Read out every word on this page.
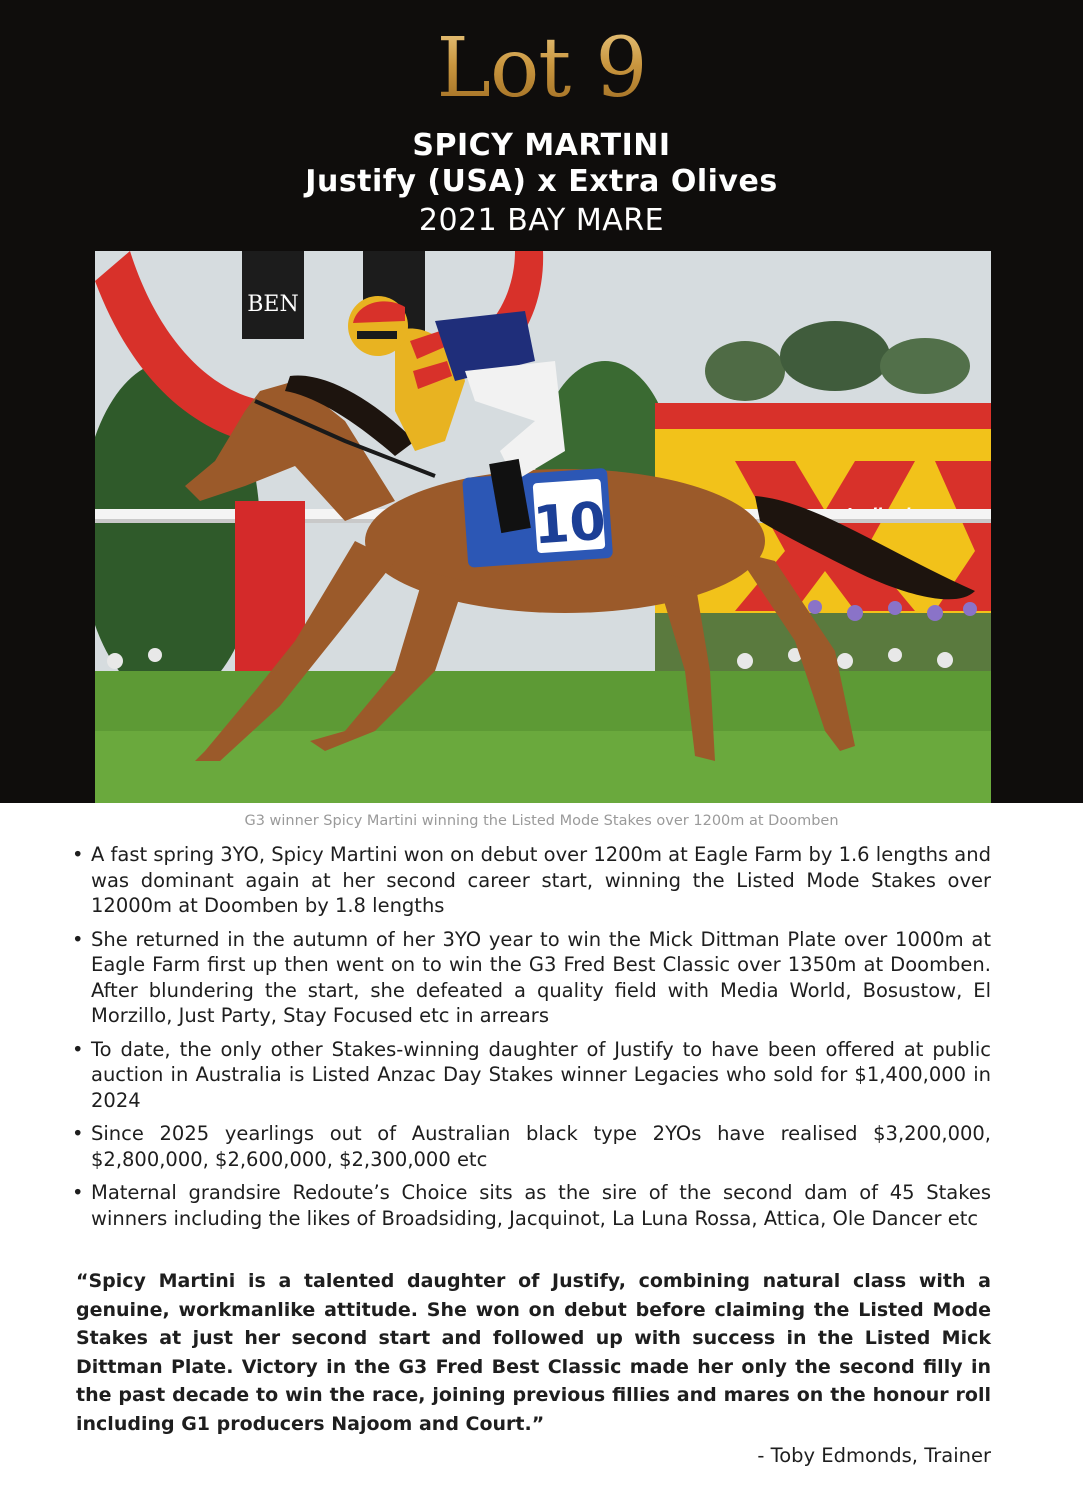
Lot 9
SPICY MARTINI
Justify (USA) x Extra Olives
2021 BAY MARE
BEN
10
G3 winner Spicy Martini winning the Listed Mode Stakes over 1200m at Doomben
• A fast spring 3YO, Spicy Martini won on debut over 1200m at Eagle Farm by 1.6 lengths and was dominant again at her second career start, winning the Listed Mode Stakes over 12000m at Doomben by 1.8 lengths
• She returned in the autumn of her 3YO year to win the Mick Dittman Plate over 1000m at Eagle Farm first up then went on to win the G3 Fred Best Classic over 1350m at Doomben. After blundering the start, she defeated a quality field with Media World, Bosustow, El Morzillo, Just Party, Stay Focused etc in arrears
• To date, the only other Stakes-winning daughter of Justify to have been offered at public auction in Australia is Listed Anzac Day Stakes winner Legacies who sold for $1,400,000 in 2024
• Since 2025 yearlings out of Australian black type 2YOs have realised $3,200,000, $2,800,000, $2,600,000, $2,300,000 etc
• Maternal grandsire Redoute’s Choice sits as the sire of the second dam of 45 Stakes winners including the likes of Broadsiding, Jacquinot, La Luna Rossa, Attica, Ole Dancer etc

“Spicy Martini is a talented daughter of Justify, combining natural class with a genuine, workmanlike attitude. She won on debut before claiming the Listed Mode Stakes at just her second start and followed up with success in the Listed Mick Dittman Plate. Victory in the G3 Fred Best Classic made her only the second filly in the past decade to win the race, joining previous fillies and mares on the honour roll including G1 producers Najoom and Court.”

- Toby Edmonds, Trainer
